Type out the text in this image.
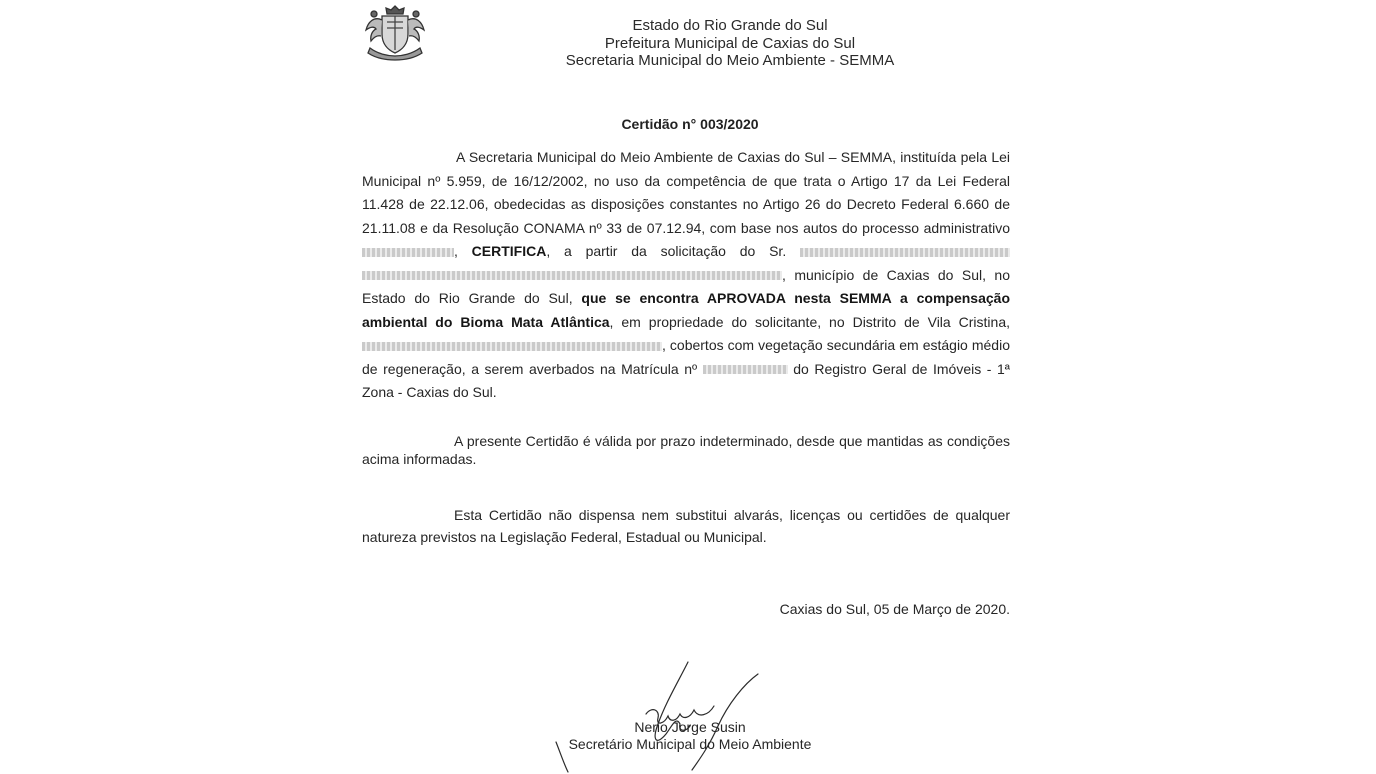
Estado do Rio Grande do Sul
Prefeitura Municipal de Caxias do Sul
Secretaria Municipal do Meio Ambiente - SEMMA
Certidão n° 003/2020
A Secretaria Municipal do Meio Ambiente de Caxias do Sul – SEMMA, instituída pela Lei Municipal nº 5.959, de 16/12/2002, no uso da competência de que trata o Artigo 17 da Lei Federal 11.428 de 22.12.06, obedecidas as disposições constantes no Artigo 26 do Decreto Federal 6.660 de 21.11.08 e da Resolução CONAMA nº 33 de 07.12.94, com base nos autos do processo administrativo , CERTIFICA, a partir da solicitação do Sr.  , município de Caxias do Sul, no Estado do Rio Grande do Sul, que se encontra APROVADA nesta SEMMA a compensação ambiental do Bioma Mata Atlântica, em propriedade do solicitante, no Distrito de Vila Cristina, , cobertos com vegetação secundária em estágio médio de regeneração, a serem averbados na Matrícula nº	do Registro Geral de Imóveis - 1ª Zona - Caxias do Sul.
A presente Certidão é válida por prazo indeterminado, desde que mantidas as condições acima informadas.
Esta Certidão não dispensa nem substitui alvarás, licenças ou certidões de qualquer natureza previstos na Legislação Federal, Estadual ou Municipal.
Caxias do Sul, 05 de Março de 2020.
Nerio Jorge Susin
Secretário Municipal do Meio Ambiente
